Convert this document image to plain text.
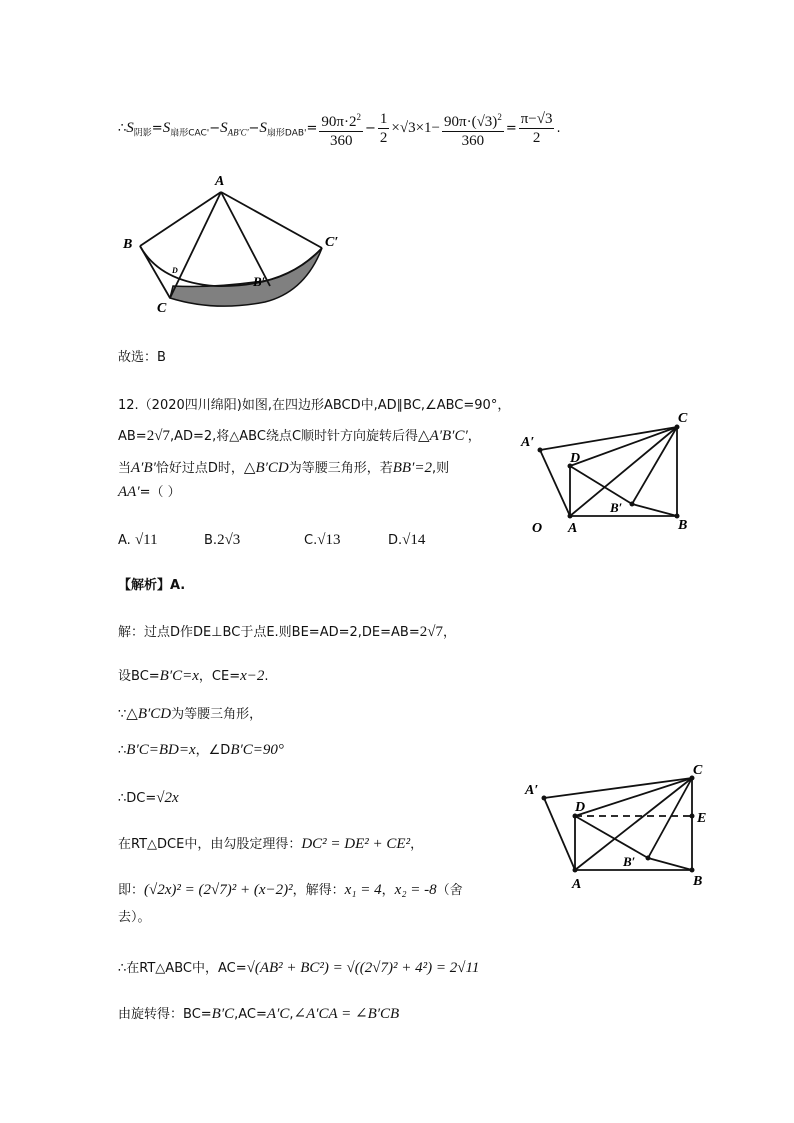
$\therefore S_{阴影}=S_{扇形CAC'}-S_{AB'C'}-S_{扇形DAB'}= \frac{90\pi\cdot 2^2}{360} - \frac{1}{2} \times√3\times 1- \frac{90\pi\cdot(√3)^2}{360} = \frac{\pi-√3}{2}$ .
A
B
C
C′
B′
D
故选：B
12.（2020四川绵阳)如图,在四边形ABCD中,AD∥BC,∠ABC=90°，
AB=2√7,AD=2,将△ABC绕点C顺时针方向旋转后得△A′B′C′，
当A′B′恰好过点D时，△B′CD为等腰三角形，若BB′=2,则
AA′=（ ）
A. √11	B.2√3	C.√13	D.√14
C
A′
D
B′
O A	B
【解析】A.
解：过点D作DE⊥BC于点E.则BE=AD=2,DE=AB=2√7，
设BC=B′C=x，CE=x−2.
∵△B′CD为等腰三角形，
∴B′C=BD=x，∠DB′C=90°
∴DC=√2x
在RT△DCE中，由勾股定理得：DC² = DE² + CE²，
即：(√2x)² = (2√7)² + (x−2)²，解得：x₁ = 4，x₂ = -8（舍
去）。
∴在RT△ABC中，AC=√(AB² + BC²) = √((2√7)² + 4²) = 2√11
由旋转得：BC=B′C,AC=A′C,∠A′CA = ∠B′CB
C
A′
D
E
B′
A	B
